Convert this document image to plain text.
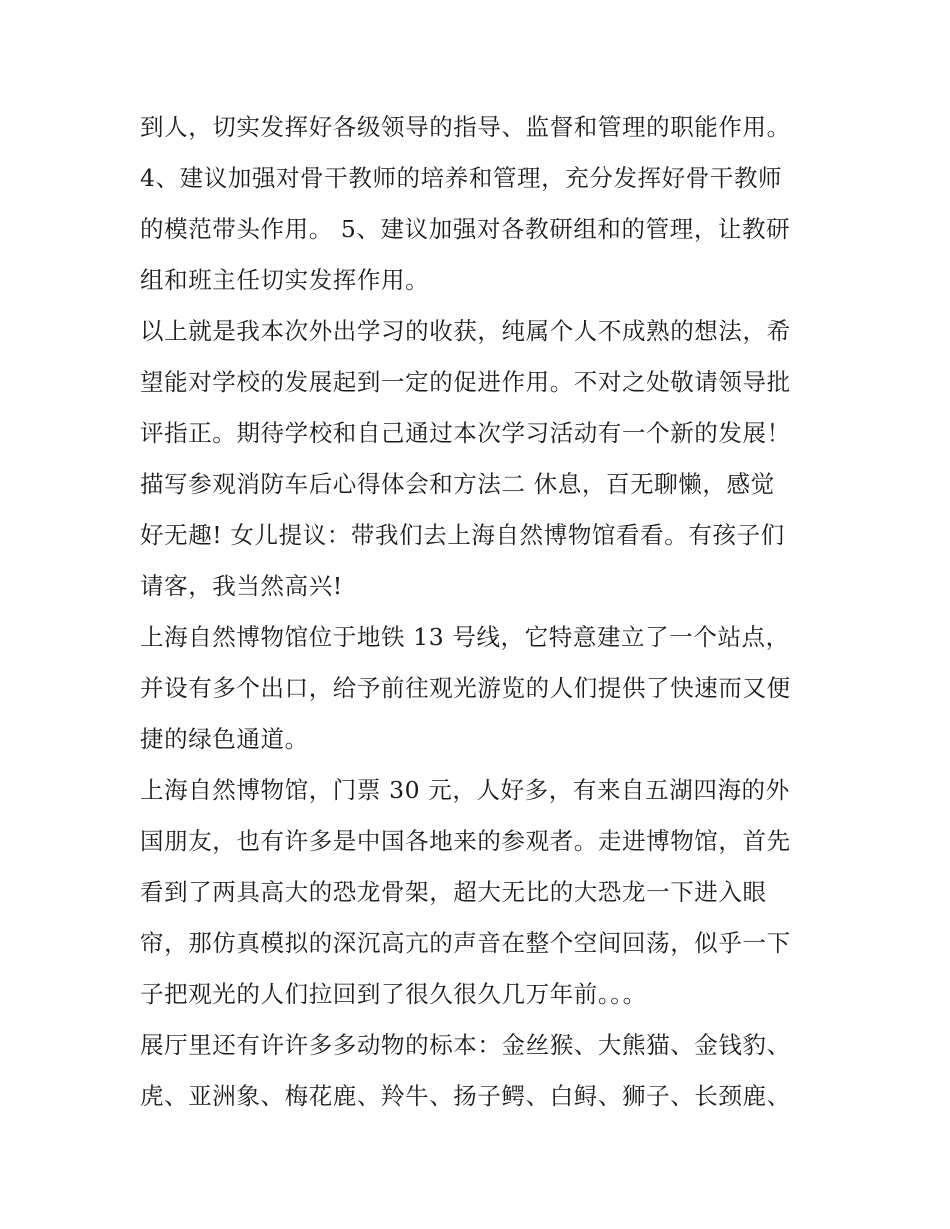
到人，切实发挥好各级领导的指导、监督和管理的职能作用。
4、建议加强对骨干教师的培养和管理，充分发挥好骨干教师
的模范带头作用。 5、建议加强对各教研组和的管理，让教研
组和班主任切实发挥作用。
以上就是我本次外出学习的收获，纯属个人不成熟的想法，希
望能对学校的发展起到一定的促进作用。不对之处敬请领导批
评指正。期待学校和自己通过本次学习活动有一个新的发展！
描写参观消防车后心得体会和方法二 休息，百无聊懒，感觉
好无趣! 女儿提议：带我们去上海自然博物馆看看。有孩子们
请客，我当然高兴!
上海自然博物馆位于地铁 13 号线，它特意建立了一个站点，
并设有多个出口，给予前往观光游览的人们提供了快速而又便
捷的绿色通道。
上海自然博物馆，门票 30 元，人好多，有来自五湖四海的外
国朋友，也有许多是中国各地来的参观者。走进博物馆，首先
看到了两具高大的恐龙骨架，超大无比的大恐龙一下进入眼
帘，那仿真模拟的深沉高亢的声音在整个空间回荡，似乎一下
子把观光的人们拉回到了很久很久几万年前。。。
展厅里还有许许多多动物的标本：金丝猴、大熊猫、金钱豹、
虎、亚洲象、梅花鹿、羚牛、扬子鳄、白鲟、狮子、长颈鹿、
